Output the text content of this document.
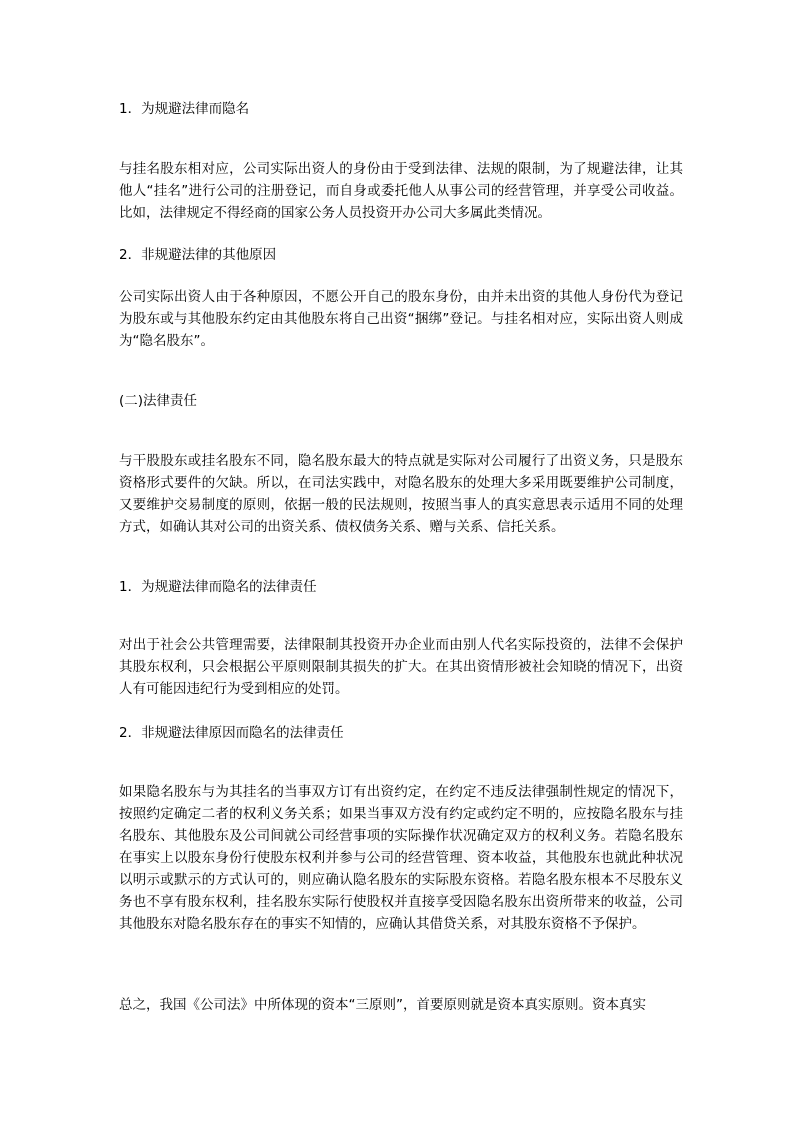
1．为规避法律而隐名
与挂名股东相对应，公司实际出资人的身份由于受到法律、法规的限制，为了规避法律，让其他人“挂名”进行公司的注册登记，而自身或委托他人从事公司的经营管理，并享受公司收益。比如，法律规定不得经商的国家公务人员投资开办公司大多属此类情况。
2．非规避法律的其他原因
公司实际出资人由于各种原因，不愿公开自己的股东身份，由并未出资的其他人身份代为登记为股东或与其他股东约定由其他股东将自己出资“捆绑”登记。与挂名相对应，实际出资人则成为“隐名股东”。
(二)法律责任
与干股股东或挂名股东不同，隐名股东最大的特点就是实际对公司履行了出资义务，只是股东资格形式要件的欠缺。所以，在司法实践中，对隐名股东的处理大多采用既要维护公司制度，又要维护交易制度的原则，依据一般的民法规则，按照当事人的真实意思表示适用不同的处理方式，如确认其对公司的出资关系、债权债务关系、赠与关系、信托关系。
1．为规避法律而隐名的法律责任
对出于社会公共管理需要，法律限制其投资开办企业而由别人代名实际投资的，法律不会保护其股东权利，只会根据公平原则限制其损失的扩大。在其出资情形被社会知晓的情况下，出资人有可能因违纪行为受到相应的处罚。
2．非规避法律原因而隐名的法律责任
如果隐名股东与为其挂名的当事双方订有出资约定，在约定不违反法律强制性规定的情况下，按照约定确定二者的权利义务关系；如果当事双方没有约定或约定不明的，应按隐名股东与挂名股东、其他股东及公司间就公司经营事项的实际操作状况确定双方的权利义务。若隐名股东在事实上以股东身份行使股东权利并参与公司的经营管理、资本收益，其他股东也就此种状况以明示或默示的方式认可的，则应确认隐名股东的实际股东资格。若隐名股东根本不尽股东义务也不享有股东权利，挂名股东实际行使股权并直接享受因隐名股东出资所带来的收益，公司其他股东对隐名股东存在的事实不知情的，应确认其借贷关系，对其股东资格不予保护。
总之，我国《公司法》中所体现的资本“三原则”，首要原则就是资本真实原则。资本真实
